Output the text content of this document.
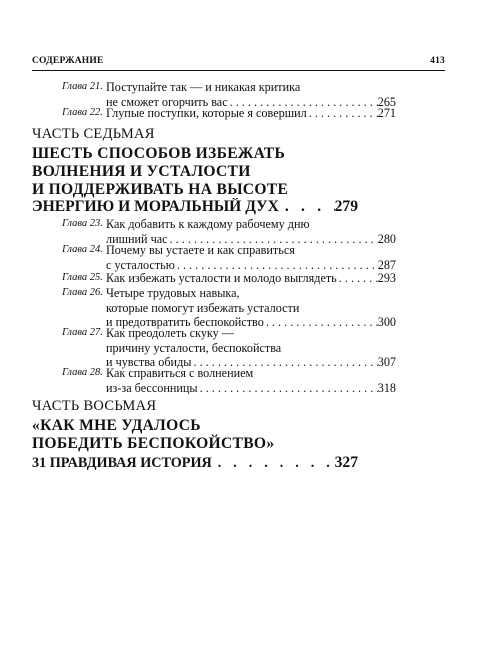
СОДЕРЖАНИЕ	413
Глава 21. Поступайте так — и никакая критика
не сможет огорчить вас . . .	265
Глава 22. Глупые поступки, которые я совершил . . .	271
ЧАСТЬ СЕДЬМАЯ
ШЕСТЬ СПОСОБОВ ИЗБЕЖАТЬ
ВОЛНЕНИЯ И УСТАЛОСТИ
И ПОДДЕРЖИВАТЬ НА ВЫСОТЕ
ЭНЕРГИЮ И МОРАЛЬНЫЙ ДУХ . . .	279
Глава 23. Как добавить к каждому рабочему дню
лишний час . . .	280
Глава 24. Почему вы устаете и как справиться
с усталостью . . .	287
Глава 25. Как избежать усталости и молодо выглядеть . . .	293
Глава 26. Четыре трудовых навыка,
которые помогут избежать усталости
и предотвратить беспокойство . . .	300
Глава 27. Как преодолеть скуку —
причину усталости, беспокойства
и чувства обиды . . .	307
Глава 28. Как справиться с волнением
из-за бессонницы . . .	318
ЧАСТЬ ВОСЬМАЯ
«КАК МНЕ УДАЛОСЬ
ПОБЕДИТЬ БЕСПОКОЙСТВО»
31 ПРАВДИВАЯ ИСТОРИЯ . . .	327
